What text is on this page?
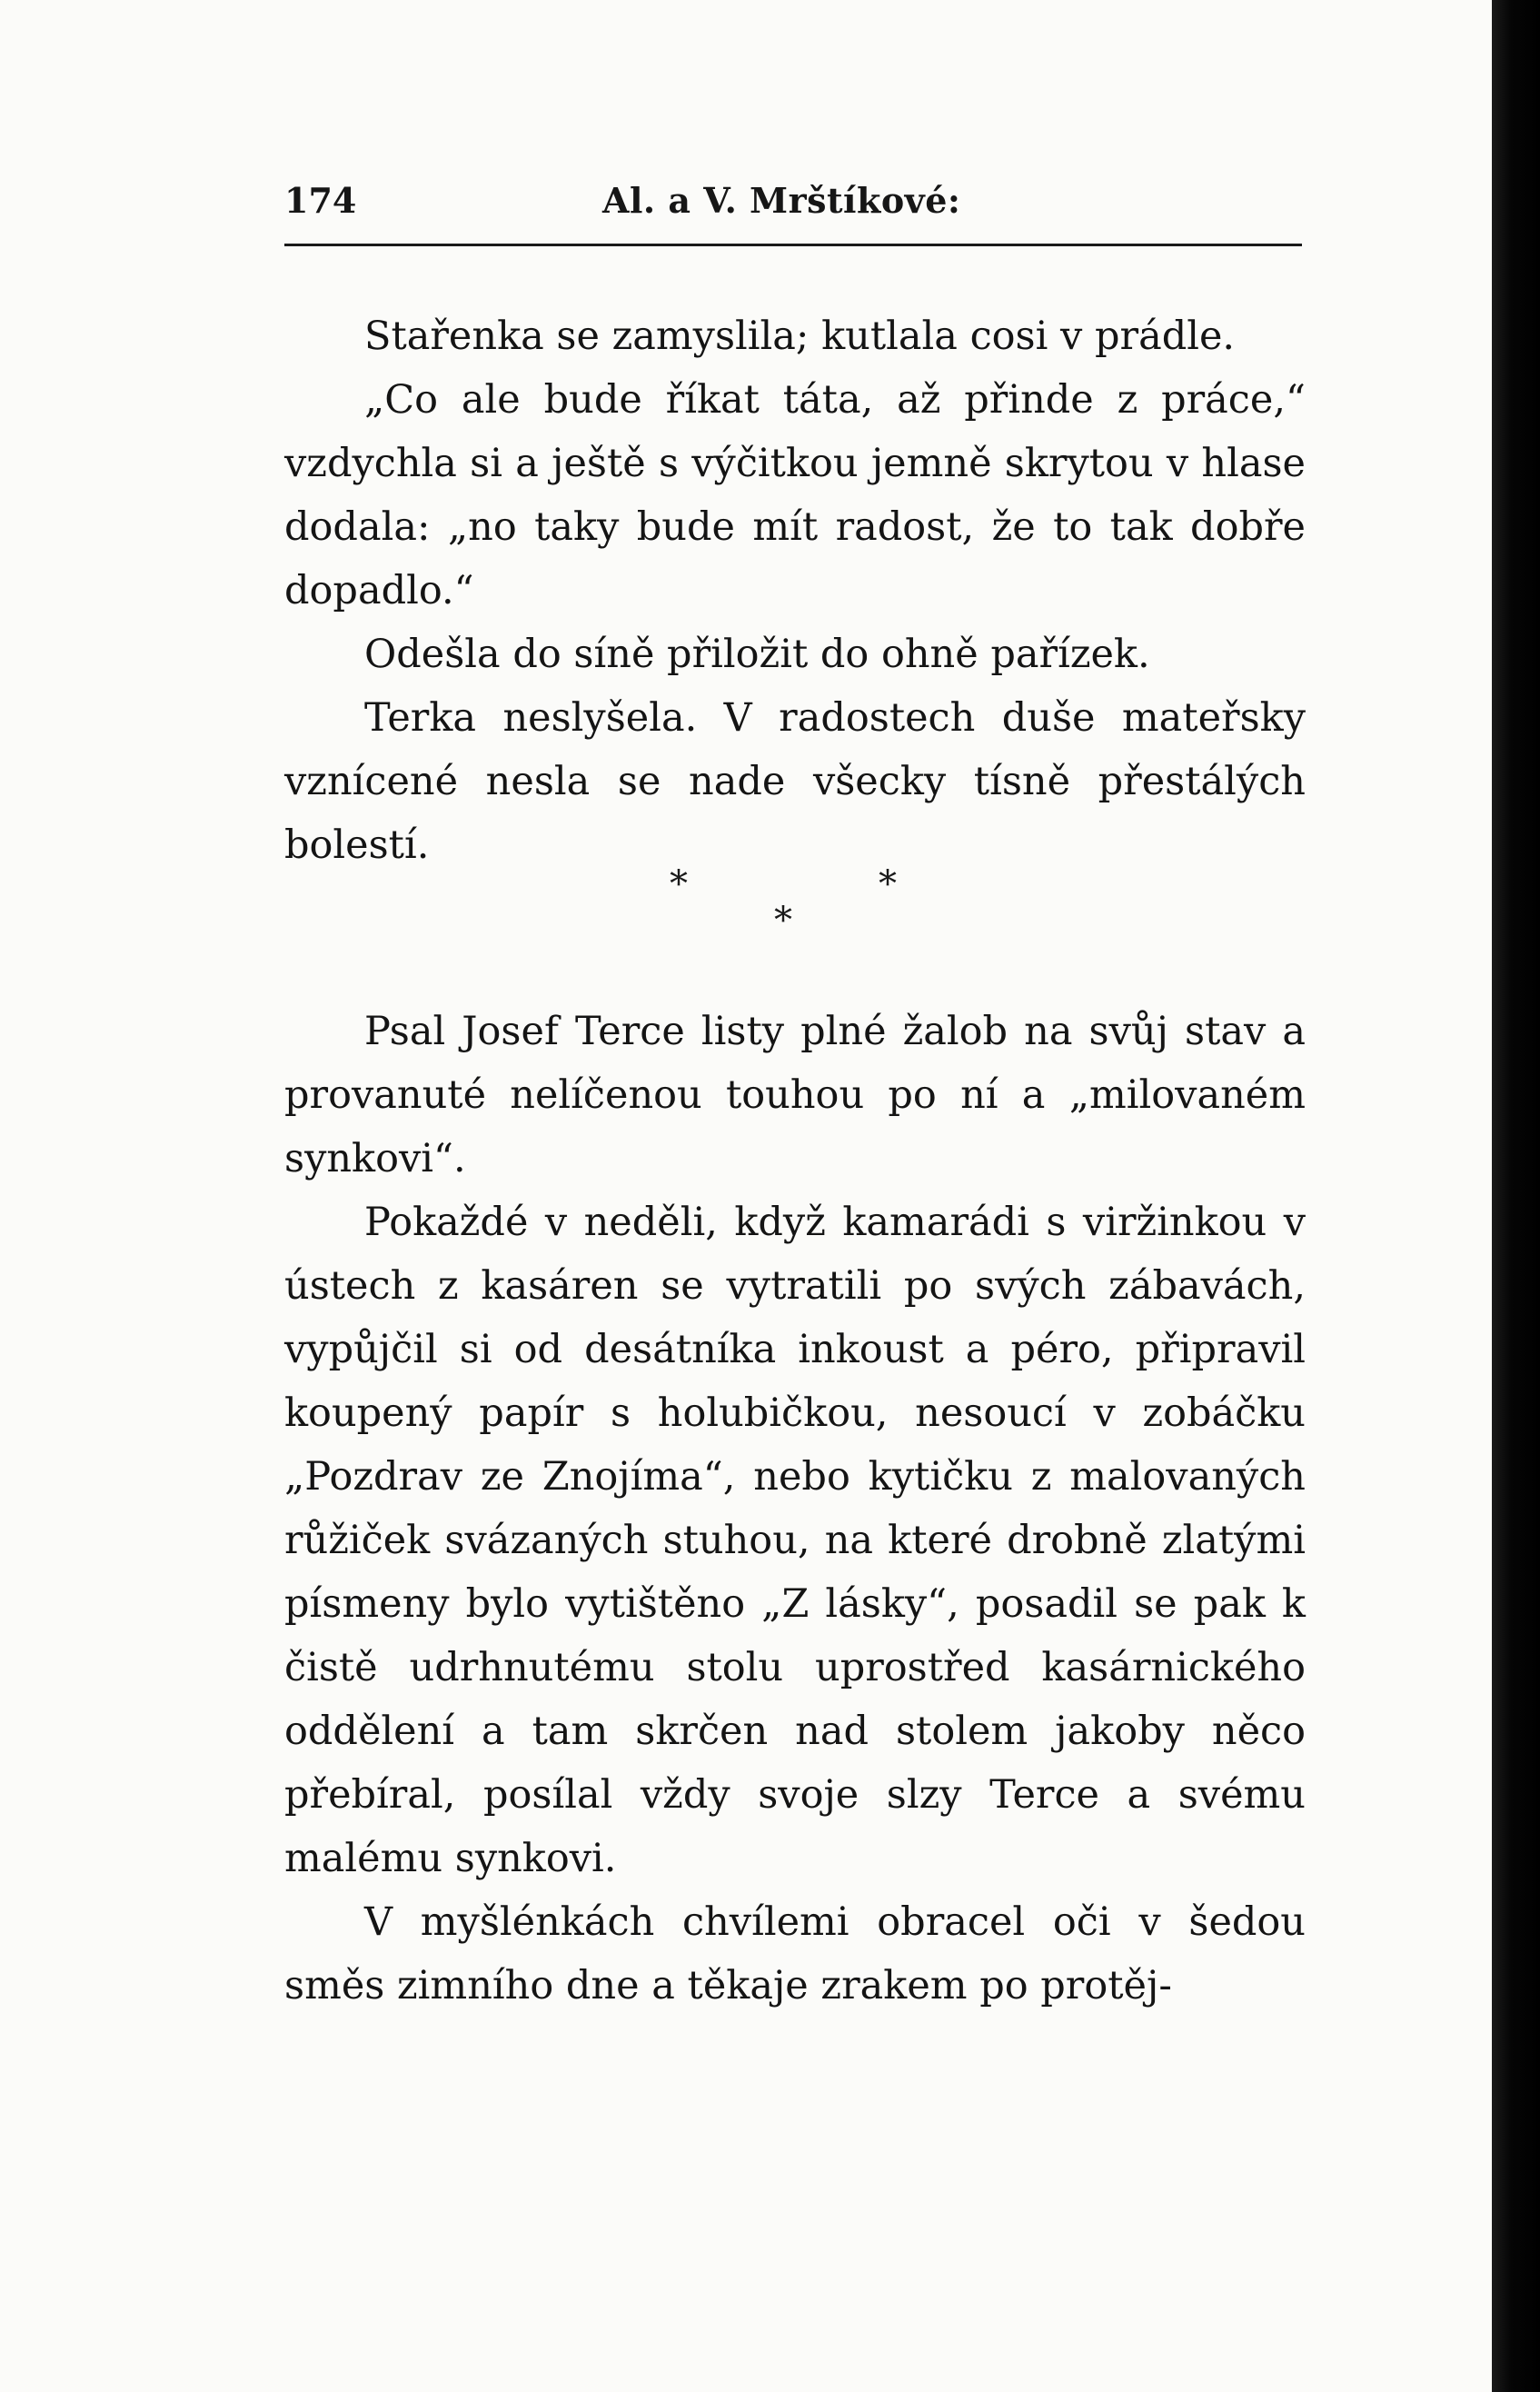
174	Al. a V. Mrštíkové:

Stařenka se zamyslila; kutlala cosi v prádle.

„Co ale bude říkat táta, až přinde z práce,“ vzdychla si a ještě s výčitkou jemně skrytou v hlase dodala: „no taky bude mít radost, že to tak dobře dopadlo.“

Odešla do síně přiložit do ohně pařízek.

Terka neslyšela. V radostech duše mateřsky vznícené nesla se nade všecky tísně přestálých bolestí.

*	*
*

Psal Josef Terce listy plné žalob na svůj stav a provanuté nelíčenou touhou po ní a „milovaném synkovi“.

Pokaždé v neděli, když kamarádi s viržinkou v ústech z kasáren se vytratili po svých zábavách, vypůjčil si od desátníka inkoust a péro, připravil koupený papír s holubičkou, nesoucí v zobáčku „Pozdrav ze Znojíma“, nebo kytičku z malovaných růžiček svázaných stuhou, na které drobně zlatými písmeny bylo vytištěno „Z lásky“, posadil se pak k čistě udrhnutému stolu uprostřed kasárnického oddělení a tam skrčen nad stolem jakoby něco přebíral, posílal vždy svoje slzy Terce a svému malému synkovi.

V myšlénkách chvílemi obracel oči v šedou směs zimního dne a těkaje zrakem po protěj-
